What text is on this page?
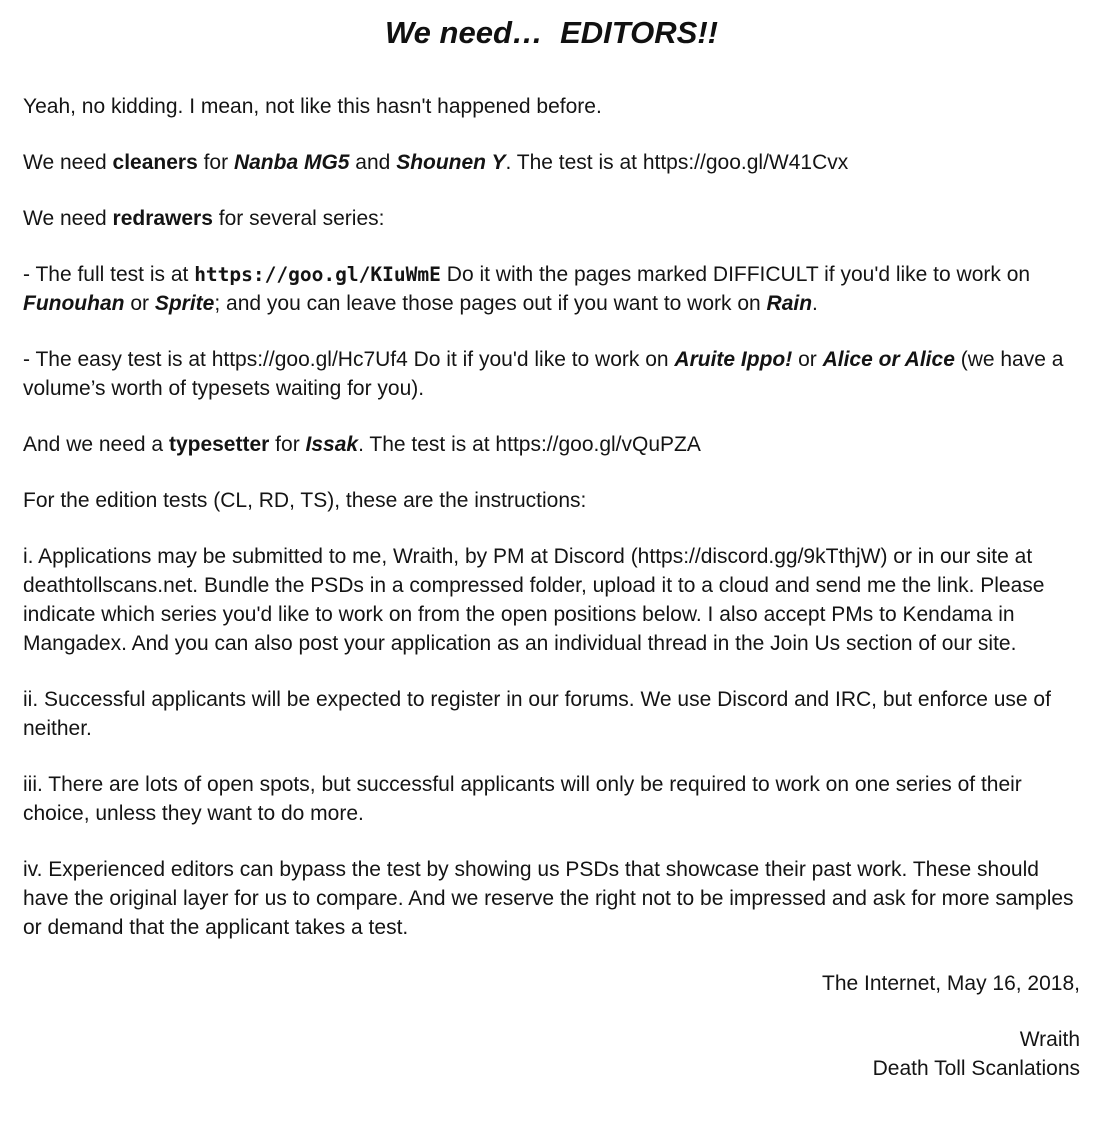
We need…  EDITORS!!

Yeah, no kidding. I mean, not like this hasn't happened before.

We need cleaners for Nanba MG5 and Shounen Y. The test is at https://goo.gl/W41Cvx

We need redrawers for several series:

- The full test is at https://goo.gl/KIuWmE Do it with the pages marked DIFFICULT if you'd like to work on Funouhan or Sprite; and you can leave those pages out if you want to work on Rain.

- The easy test is at https://goo.gl/Hc7Uf4 Do it if you'd like to work on Aruite Ippo! or Alice or Alice (we have a volume’s worth of typesets waiting for you).

And we need a typesetter for Issak. The test is at https://goo.gl/vQuPZA

For the edition tests (CL, RD, TS), these are the instructions:

i. Applications may be submitted to me, Wraith, by PM at Discord (https://discord.gg/9kTthjW) or in our site at deathtollscans.net. Bundle the PSDs in a compressed folder, upload it to a cloud and send me the link. Please indicate which series you'd like to work on from the open positions below. I also accept PMs to Kendama in Mangadex. And you can also post your application as an individual thread in the Join Us section of our site.

ii. Successful applicants will be expected to register in our forums. We use Discord and IRC, but enforce use of neither.

iii. There are lots of open spots, but successful applicants will only be required to work on one series of their choice, unless they want to do more.

iv. Experienced editors can bypass the test by showing us PSDs that showcase their past work. These should have the original layer for us to compare. And we reserve the right not to be impressed and ask for more samples or demand that the applicant takes a test.

The Internet, May 16, 2018,

Wraith

Death Toll Scanlations
